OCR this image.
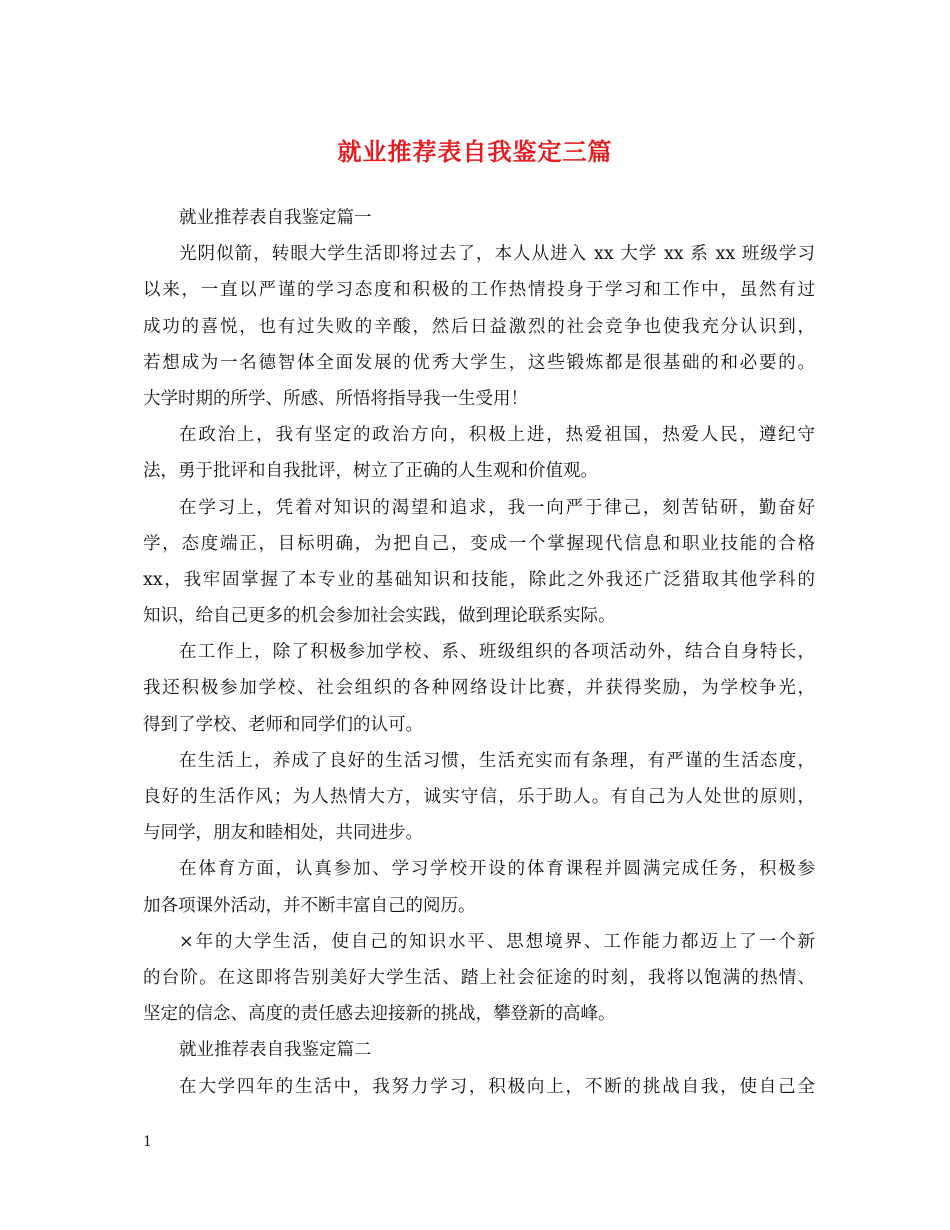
就业推荐表自我鉴定三篇
就业推荐表自我鉴定篇一
光阴似箭，转眼大学生活即将过去了，本人从进入 xx 大学 xx 系 xx 班级学习
以来，一直以严谨的学习态度和积极的工作热情投身于学习和工作中，虽然有过
成功的喜悦，也有过失败的辛酸，然后日益激烈的社会竞争也使我充分认识到，
若想成为一名德智体全面发展的优秀大学生，这些锻炼都是很基础的和必要的。
大学时期的所学、所感、所悟将指导我一生受用！
在政治上，我有坚定的政治方向，积极上进，热爱祖国，热爱人民，遵纪守
法，勇于批评和自我批评，树立了正确的人生观和价值观。
在学习上，凭着对知识的渴望和追求，我一向严于律己，刻苦钻研，勤奋好
学，态度端正，目标明确，为把自己，变成一个掌握现代信息和职业技能的合格
xx，我牢固掌握了本专业的基础知识和技能，除此之外我还广泛猎取其他学科的
知识，给自己更多的机会参加社会实践，做到理论联系实际。
在工作上，除了积极参加学校、系、班级组织的各项活动外，结合自身特长，
我还积极参加学校、社会组织的各种网络设计比赛，并获得奖励，为学校争光，
得到了学校、老师和同学们的认可。
在生活上，养成了良好的生活习惯，生活充实而有条理，有严谨的生活态度，
良好的生活作风；为人热情大方，诚实守信，乐于助人。有自己为人处世的原则，
与同学，朋友和睦相处，共同进步。
在体育方面，认真参加、学习学校开设的体育课程并圆满完成任务，积极参
加各项课外活动，并不断丰富自己的阅历。
×年的大学生活，使自己的知识水平、思想境界、工作能力都迈上了一个新
的台阶。在这即将告别美好大学生活、踏上社会征途的时刻，我将以饱满的热情、
坚定的信念、高度的责任感去迎接新的挑战，攀登新的高峰。
就业推荐表自我鉴定篇二
在大学四年的生活中，我努力学习，积极向上，不断的挑战自我，使自己全
1
